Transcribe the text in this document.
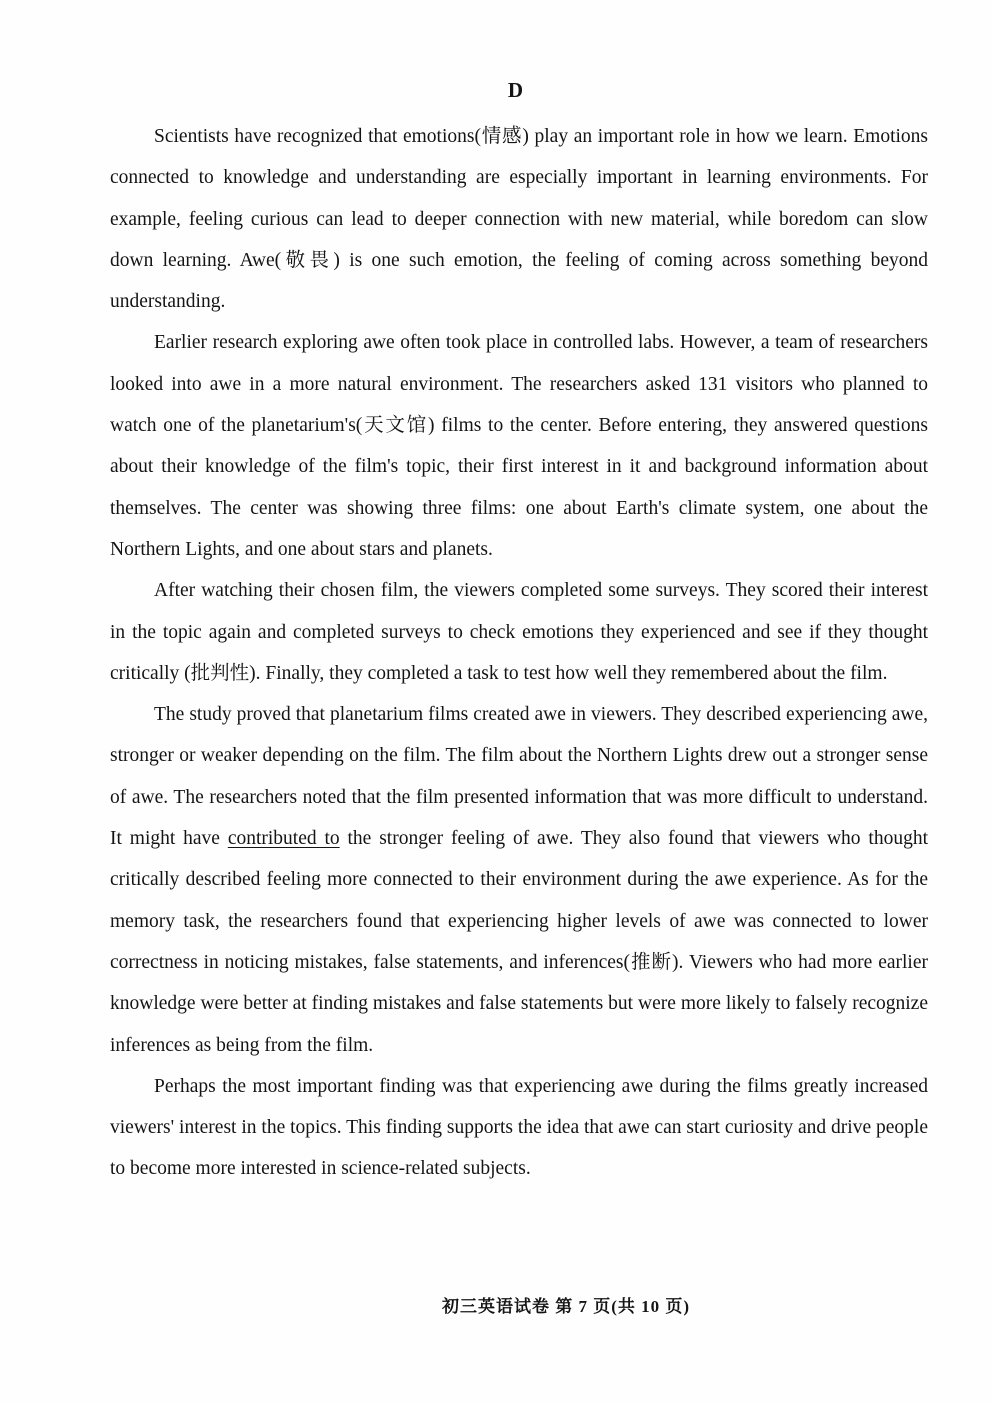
D

Scientists have recognized that emotions(情感) play an important role in how we learn. Emotions connected to knowledge and understanding are especially important in learning environments. For example, feeling curious can lead to deeper connection with new material, while boredom can slow down learning. Awe(敬畏) is one such emotion, the feeling of coming across something beyond understanding.

Earlier research exploring awe often took place in controlled labs. However, a team of researchers looked into awe in a more natural environment. The researchers asked 131 visitors who planned to watch one of the planetarium's(天文馆) films to the center. Before entering, they answered questions about their knowledge of the film's topic, their first interest in it and background information about themselves. The center was showing three films: one about Earth's climate system, one about the Northern Lights, and one about stars and planets.

After watching their chosen film, the viewers completed some surveys. They scored their interest in the topic again and completed surveys to check emotions they experienced and see if they thought critically (批判性). Finally, they completed a task to test how well they remembered about the film.

The study proved that planetarium films created awe in viewers. They described experiencing awe, stronger or weaker depending on the film. The film about the Northern Lights drew out a stronger sense of awe. The researchers noted that the film presented information that was more difficult to understand. It might have contributed to the stronger feeling of awe. They also found that viewers who thought critically described feeling more connected to their environment during the awe experience. As for the memory task, the researchers found that experiencing higher levels of awe was connected to lower correctness in noticing mistakes, false statements, and inferences(推断). Viewers who had more earlier knowledge were better at finding mistakes and false statements but were more likely to falsely recognize inferences as being from the film.

Perhaps the most important finding was that experiencing awe during the films greatly increased viewers' interest in the topics. This finding supports the idea that awe can start curiosity and drive people to become more interested in science-related subjects.

初三英语试卷 第 7 页(共 10 页)
